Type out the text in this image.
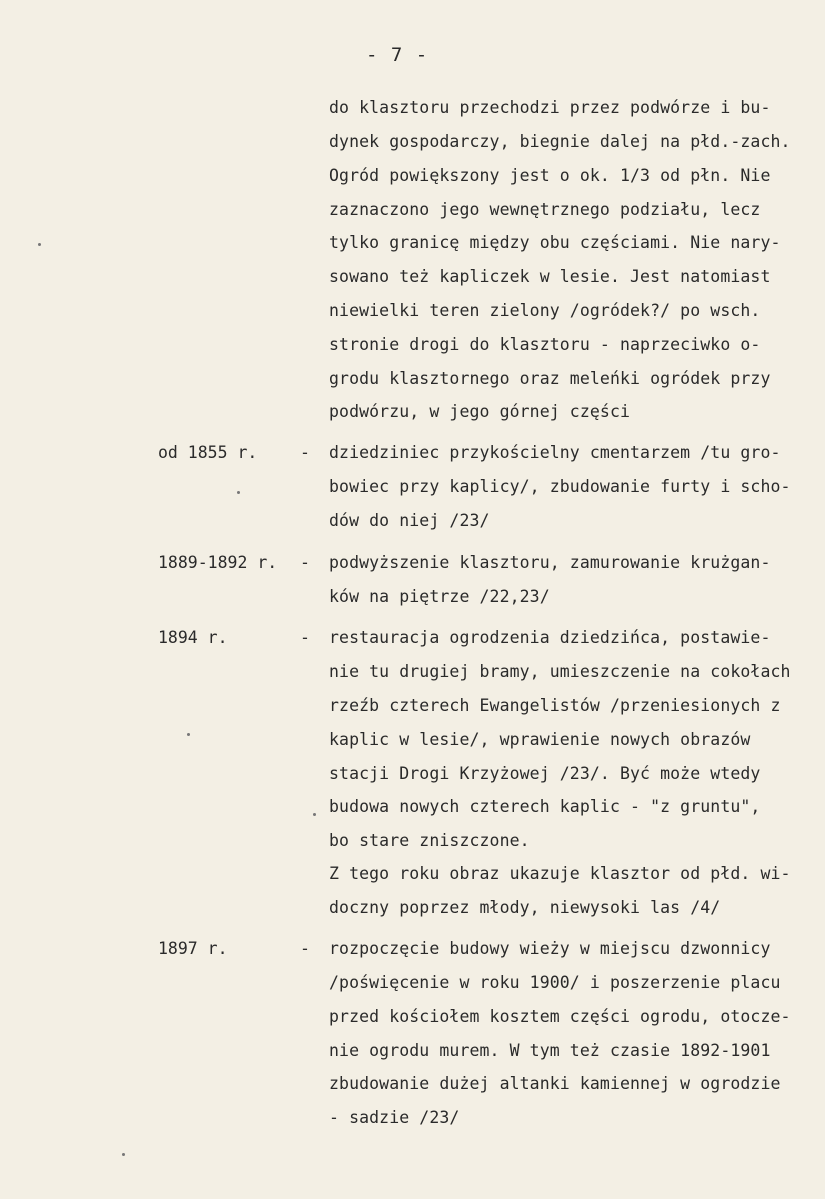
- 7 -
do klasztoru przechodzi przez podwórze i bu-
dynek gospodarczy, biegnie dalej na płd.-zach.
Ogród powiększony jest o ok. 1/3 od płn. Nie
zaznaczono jego wewnętrznego podziału, lecz
tylko granicę między obu częściami. Nie nary-
sowano też kapliczek w lesie. Jest natomiast
niewielki teren zielony /ogródek?/ po wsch.
stronie drogi do klasztoru - naprzeciwko o-
grodu klasztornego oraz meleńki ogródek przy
podwórzu, w jego górnej części
od 1855 r.	- dziedziniec przykościelny cmentarzem /tu gro-
bowiec przy kaplicy/, zbudowanie furty i scho-
dów do niej /23/
1889-1892 r. - podwyższenie klasztoru, zamurowanie krużgan-
ków na piętrze /22,23/
1894 r.	- restauracja ogrodzenia dziedzińca, postawie-
nie tu drugiej bramy, umieszczenie na cokołach
rzeźb czterech Ewangelistów /przeniesionych z
kaplic w lesie/, wprawienie nowych obrazów
stacji Drogi Krzyżowej /23/. Być może wtedy
budowa nowych czterech kaplic - "z gruntu",
bo stare zniszczone.
Z tego roku obraz ukazuje klasztor od płd. wi-
doczny poprzez młody, niewysoki las /4/
1897 r.	- rozpoczęcie budowy wieży w miejscu dzwonnicy
/poświęcenie w roku 1900/ i poszerzenie placu
przed kościołem kosztem części ogrodu, otocze-
nie ogrodu murem. W tym też czasie 1892-1901
zbudowanie dużej altanki kamiennej w ogrodzie
- sadzie /23/
